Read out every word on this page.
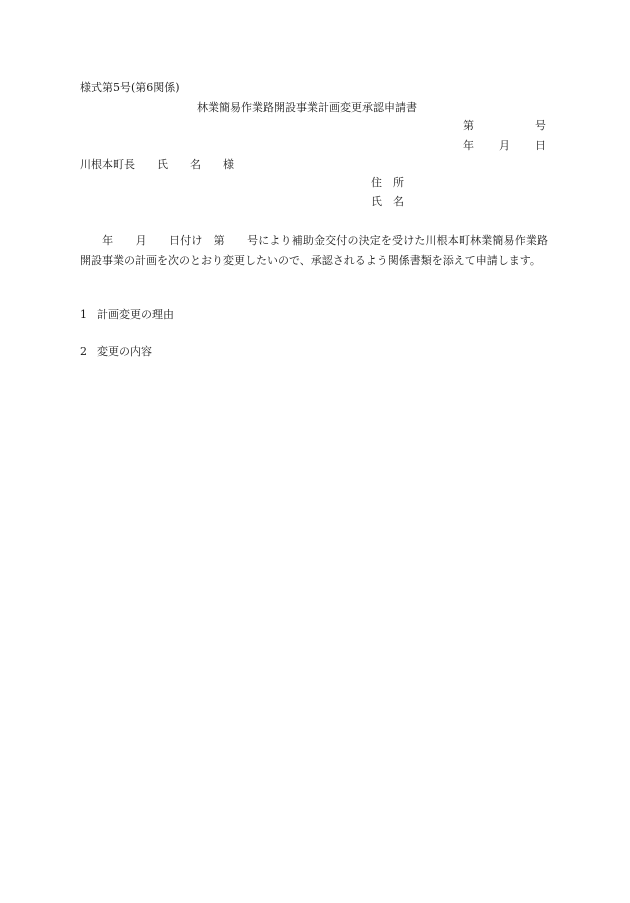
様式第5号(第6関係)
林業簡易作業路開設事業計画変更承認申請書
第	号
年 月 日
川根本町長　　氏　　名　　様
住　所
氏　名
年　　月　　日付け　第　　号により補助金交付の決定を受けた川根本町林業簡易作業路開設事業の計画を次のとおり変更したいので、承認されるよう関係書類を添えて申請します。
1 計画変更の理由
2 変更の内容
